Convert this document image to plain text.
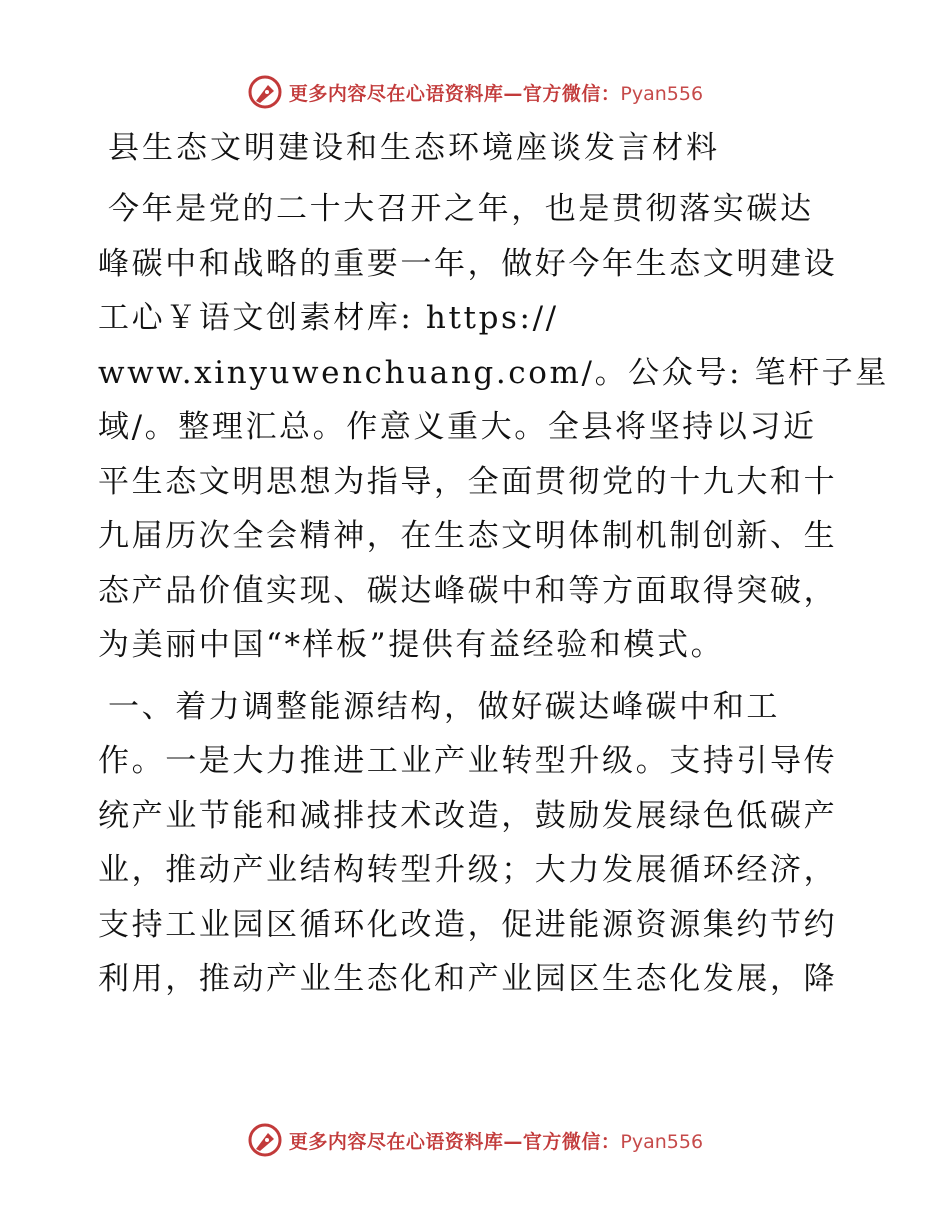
更多内容尽在心语资料库—官方微信：Pyan556
县生态文明建设和生态环境座谈发言材料

今年是党的二十大召开之年，也是贯彻落实碳达
峰碳中和战略的重要一年，做好今年生态文明建设
工心￥语文创素材库: https://
www.xinyuwenchuang.com/。公众号: 笔杆子星
域/。整理汇总。作意义重大。全县将坚持以习近
平生态文明思想为指导，全面贯彻党的十九大和十
九届历次全会精神，在生态文明体制机制创新、生
态产品价值实现、碳达峰碳中和等方面取得突破，
为美丽中国“*样板”提供有益经验和模式。

一、着力调整能源结构，做好碳达峰碳中和工
作。一是大力推进工业产业转型升级。支持引导传
统产业节能和减排技术改造，鼓励发展绿色低碳产
业，推动产业结构转型升级；大力发展循环经济，
支持工业园区循环化改造，促进能源资源集约节约
利用，推动产业生态化和产业园区生态化发展，降

更多内容尽在心语资料库—官方微信：Pyan556
